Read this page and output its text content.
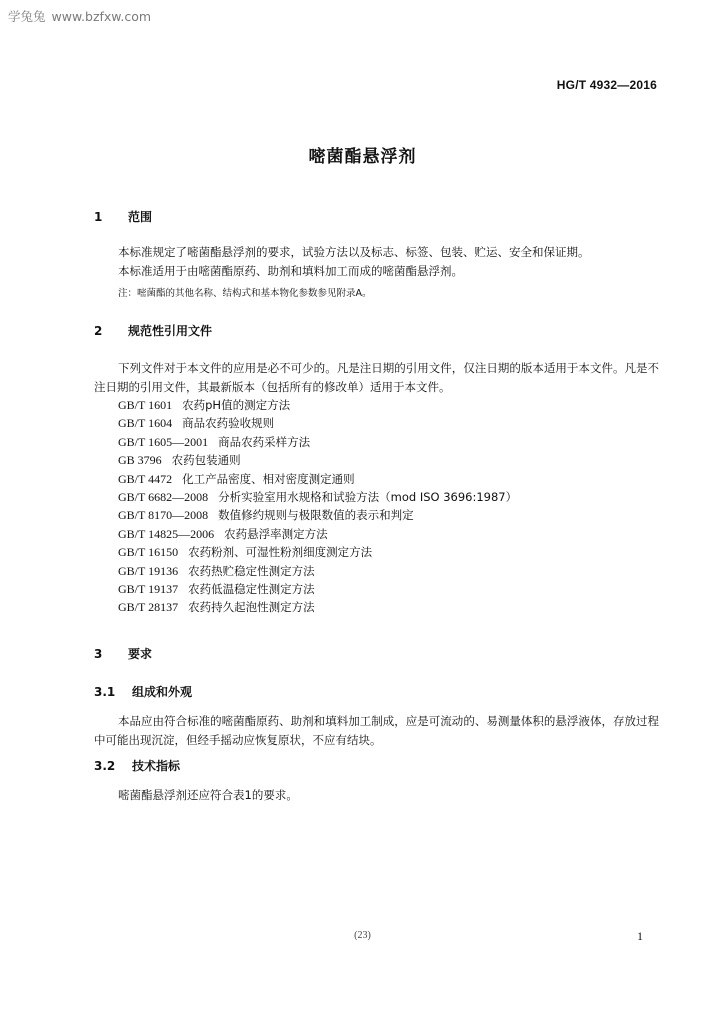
学兔兔 www.bzfxw.com
HG/T 4932—2016
嘧菌酯悬浮剂
1 范围

本标准规定了嘧菌酯悬浮剂的要求，试验方法以及标志、标签、包装、贮运、安全和保证期。

本标准适用于由嘧菌酯原药、助剂和填料加工而成的嘧菌酯悬浮剂。

注：嘧菌酯的其他名称、结构式和基本物化参数参见附录A。
2 规范性引用文件

下列文件对于本文件的应用是必不可少的。凡是注日期的引用文件，仅注日期的版本适用于本文件。凡是不注日期的引用文件，其最新版本（包括所有的修改单）适用于本文件。

GB/T 1601 农药pH值的测定方法
GB/T 1604 商品农药验收规则
GB/T 1605—2001 商品农药采样方法
GB 3796 农药包装通则
GB/T 4472 化工产品密度、相对密度测定通则
GB/T 6682—2008 分析实验室用水规格和试验方法（mod ISO 3696:1987）
GB/T 8170—2008 数值修约规则与极限数值的表示和判定
GB/T 14825—2006 农药悬浮率测定方法
GB/T 16150 农药粉剂、可湿性粉剂细度测定方法
GB/T 19136 农药热贮稳定性测定方法
GB/T 19137 农药低温稳定性测定方法
GB/T 28137 农药持久起泡性测定方法
3 要求
3.1 组成和外观

本品应由符合标准的嘧菌酯原药、助剂和填料加工制成，应是可流动的、易测量体积的悬浮液体，存放过程中可能出现沉淀，但经手摇动应恢复原状，不应有结块。

3.2 技术指标

嘧菌酯悬浮剂还应符合表1的要求。

(23)	1
